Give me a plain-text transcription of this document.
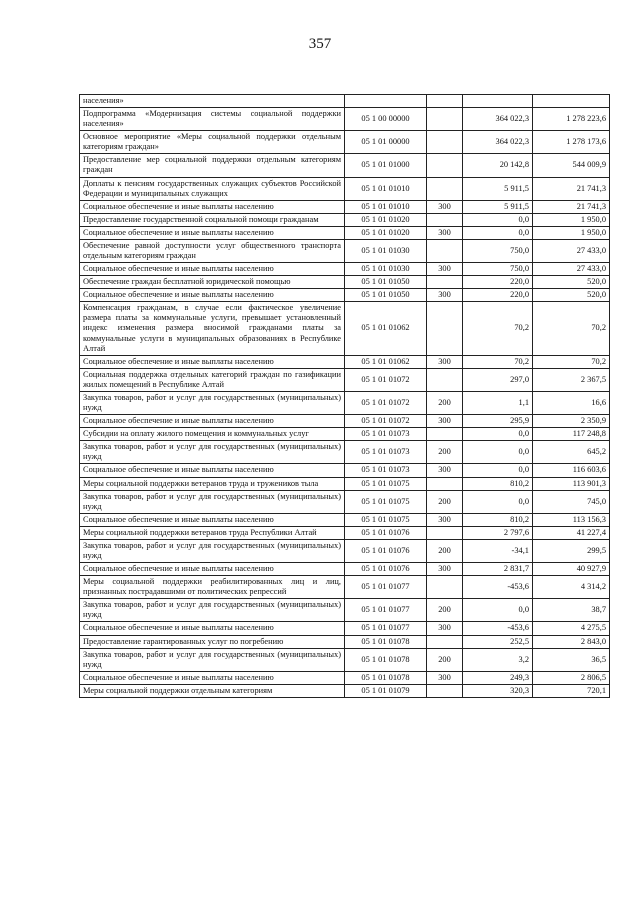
357
населения»				
Подпрограмма «Модернизация системы социальной поддержки населения»	05 1 00 00000		364 022,3	1 278 223,6
Основное мероприятие «Меры социальной поддержки отдельным категориям граждан»	05 1 01 00000		364 022,3	1 278 173,6
Предоставление мер социальной поддержки отдельным категориям граждан	05 1 01 01000		20 142,8	544 009,9
Доплаты к пенсиям государственных служащих субъектов Российской Федерации и муниципальных служащих	05 1 01 01010		5 911,5	21 741,3
Социальное обеспечение и иные выплаты населению	05 1 01 01010	300	5 911,5	21 741,3
Предоставление государственной социальной помощи гражданам	05 1 01 01020		0,0	1 950,0
Социальное обеспечение и иные выплаты населению	05 1 01 01020	300	0,0	1 950,0
Обеспечение равной доступности услуг общественного транспорта отдельным категориям граждан	05 1 01 01030		750,0	27 433,0
Социальное обеспечение и иные выплаты населению	05 1 01 01030	300	750,0	27 433,0
Обеспечение граждан бесплатной юридической помощью	05 1 01 01050		220,0	520,0
Социальное обеспечение и иные выплаты населению	05 1 01 01050	300	220,0	520,0
Компенсация гражданам, в случае если фактическое увеличение размера платы за коммунальные услуги, превышает установленный индекс изменения размера вносимой гражданами платы за коммунальные услуги в муниципальных образованиях в Республике Алтай	05 1 01 01062		70,2	70,2
Социальное обеспечение и иные выплаты населению	05 1 01 01062	300	70,2	70,2
Социальная поддержка отдельных категорий граждан по газификации жилых помещений в Республике Алтай	05 1 01 01072		297,0	2 367,5
Закупка товаров, работ и услуг для государственных (муниципальных) нужд	05 1 01 01072	200	1,1	16,6
Социальное обеспечение и иные выплаты населению	05 1 01 01072	300	295,9	2 350,9
Субсидии на оплату жилого помещения и коммунальных услуг	05 1 01 01073		0,0	117 248,8
Закупка товаров, работ и услуг для государственных (муниципальных) нужд	05 1 01 01073	200	0,0	645,2
Социальное обеспечение и иные выплаты населению	05 1 01 01073	300	0,0	116 603,6
Меры социальной поддержки ветеранов труда и тружеников тыла	05 1 01 01075		810,2	113 901,3
Закупка товаров, работ и услуг для государственных (муниципальных) нужд	05 1 01 01075	200	0,0	745,0
Социальное обеспечение и иные выплаты населению	05 1 01 01075	300	810,2	113 156,3
Меры социальной поддержки ветеранов труда Республики Алтай	05 1 01 01076		2 797,6	41 227,4
Закупка товаров, работ и услуг для государственных (муниципальных) нужд	05 1 01 01076	200	-34,1	299,5
Социальное обеспечение и иные выплаты населению	05 1 01 01076	300	2 831,7	40 927,9
Меры социальной поддержки реабилитированных лиц и лиц, признанных пострадавшими от политических репрессий	05 1 01 01077		-453,6	4 314,2
Закупка товаров, работ и услуг для государственных (муниципальных) нужд	05 1 01 01077	200	0,0	38,7
Социальное обеспечение и иные выплаты населению	05 1 01 01077	300	-453,6	4 275,5
Предоставление гарантированных услуг по погребению	05 1 01 01078		252,5	2 843,0
Закупка товаров, работ и услуг для государственных (муниципальных) нужд	05 1 01 01078	200	3,2	36,5
Социальное обеспечение и иные выплаты населению	05 1 01 01078	300	249,3	2 806,5
Меры социальной поддержки отдельным категориям	05 1 01 01079		320,3	720,1
